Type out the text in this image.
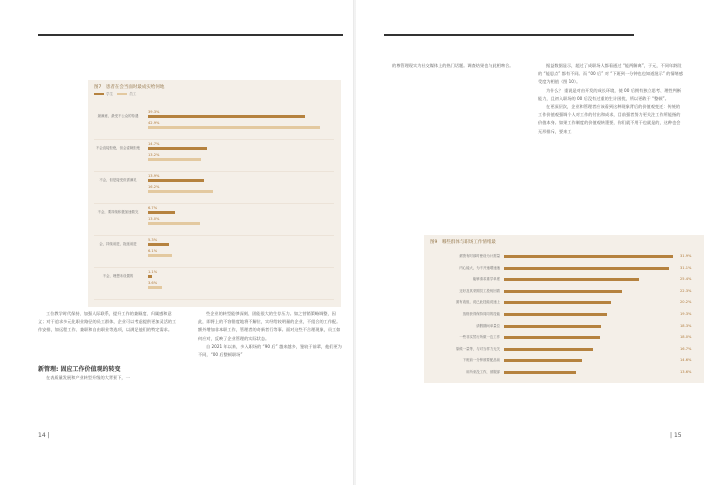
图7　患者在会当面时最成实给何地
学生	员工
最满意，最受不公众的待遇
39.3%
42.9%
不会直接拒绝，但会委婉拒绝
14.7%
13.2%
不会，但是接受但需满足
13.9%
16.2%
不会，要持续积极加速做完
6.7%
13.0%
会，持续前进，拖延前进
5.3%
6.1%
不会，理想未设置的
1.1%
3.6%

工位教学时代保持、加强人际联系，提升工作的兼顾度、归属感和意义；对于追求多元化职业路径的员工群体，企业可以考虑提供更加灵活的工作安排，如远程工作、兼职和自由职业等选项，以满足他们的特定需求。

新管理: 固应工作价值观的转变

在表质量发展和产业转型升级的大背景下，一

些企业的转型能够深刻、固能很大的生存压力。如之营销策略调整，因此，即将上的不容错度地将不解位，实经给较明量的企业，不组合的工作配。额外增加非本职工作，管理者的奇新者行等事。面对这些不合理现象，员工如何应对，反映了企业管理的实际状态。

自 2021 年以来，多入职场的 “90 后” 越来越多，鉴较于前辈，他们更为不同，“00 后整顿职场”

14 |

的尊管理现实为社交媒体上的热门话题。调查结果也与此相吻合。	据益数据显示，超过了成职场人都看通过 “能两解离”，于元，不同年龄段的 “能思点” 都有不同。而 “00 后” 对 “下班到一分钟也也知道批示” 的情绪感受度为相值（图 10）。

为什么？ 重说是对由开发的成长环境，使 00 后拥有独立思考、理性判断能力，且初入职场的 00 后没有过重的生计困扰，所以更敢于 “整顿”。

在更深层次，企业和管理者应该看到这种现象背后的价值观变迁：传统的工作价值观强调个人对工作的付出和成求，目前强者努力更关注工作所能指的价值本身。如果工作制度的价值观转墨要，你们就不用干也就是的，这种也会无形排斥，要来工

图9　哪些群体与职场工作情绪最
薪资有时那时使设为计需量	31.9%
内心能大，为不开速增速速	31.1%
能够请求重学单度	25.4%
还好及其采期员工投钥回着	22.3%
面有改组，说已此技能说速上	20.2%
放格获得保持同同的技能	19.3%
请假期间单量位	18.3%
一些非实然行所做一边工作	18.0%
原候一量等，与对当样力无关	16.7%
下班前一分钟被要配品前	14.6%
用所来没工作，被服部	13.6%
| 15
